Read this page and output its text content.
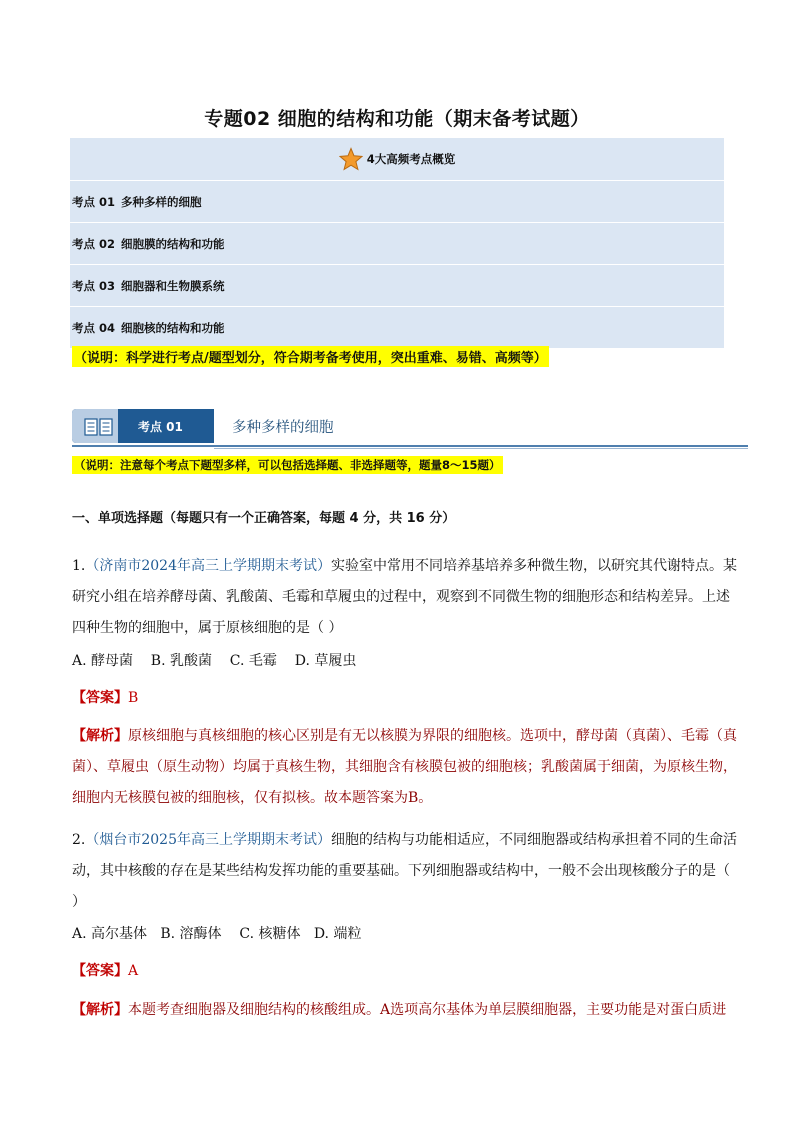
专题02 细胞的结构和功能（期末备考试题）
4大高频考点概览
考点 01 多种多样的细胞
考点 02 细胞膜的结构和功能
考点 03 细胞器和生物膜系统
考点 04 细胞核的结构和功能
（说明：科学进行考点/题型划分，符合期考备考使用，突出重难、易错、高频等）
考点 01	多种多样的细胞
（说明：注意每个考点下题型多样，可以包括选择题、非选择题等，题量8～15题）
一、单项选择题（每题只有一个正确答案，每题 4 分，共 16 分）
1.（济南市2024年高三上学期期末考试）实验室中常用不同培养基培养多种微生物，以研究其代谢特点。某研究小组在培养酵母菌、乳酸菌、毛霉和草履虫的过程中，观察到不同微生物的细胞形态和结构差异。上述四种生物的细胞中，属于原核细胞的是（ ）
A. 酵母菌    B. 乳酸菌    C. 毛霉    D. 草履虫
【答案】B
【解析】原核细胞与真核细胞的核心区别是有无以核膜为界限的细胞核。选项中，酵母菌（真菌）、毛霉（真菌）、草履虫（原生动物）均属于真核生物，其细胞含有核膜包被的细胞核；乳酸菌属于细菌，为原核生物，细胞内无核膜包被的细胞核，仅有拟核。故本题答案为B。
2.（烟台市2025年高三上学期期末考试）细胞的结构与功能相适应，不同细胞器或结构承担着不同的生命活动，其中核酸的存在是某些结构发挥功能的重要基础。下列细胞器或结构中，一般不会出现核酸分子的是（ ）
A. 高尔基体   B. 溶酶体    C. 核糖体   D. 端粒
【答案】A
【解析】本题考查细胞器及细胞结构的核酸组成。A选项高尔基体为单层膜细胞器，主要功能是对蛋白质进
